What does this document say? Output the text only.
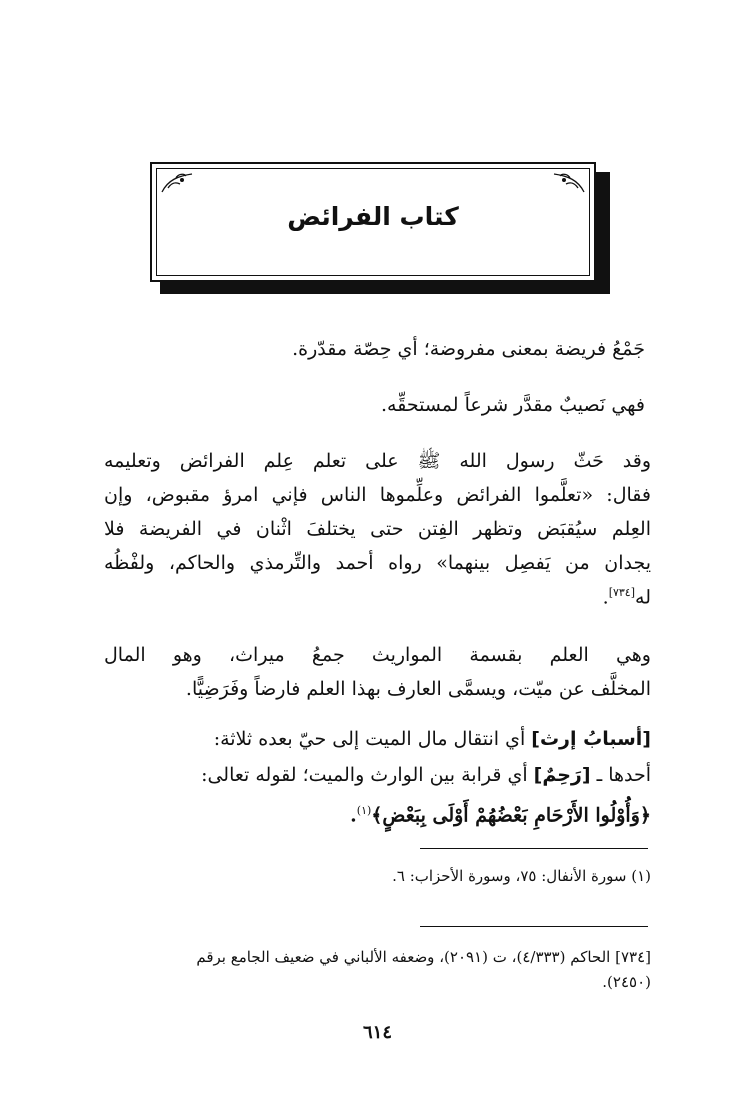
كتاب الفرائض
جَمْعُ فريضة بمعنى مفروضة؛ أي حِصّة مقدّرة.
فهي نَصيبٌ مقدَّر شرعاً لمستحقِّه.
وقد حَثّ رسول الله ﷺ على تعلم عِلم الفرائض وتعليمه
فقال: «تعلَّموا الفرائض وعلِّموها الناس فإني امرؤ مقبوض، وإن
العِلم سيُقبَض وتظهر الفِتن حتى يختلفَ اثْنان في الفريضة فلا
يجدان من يَفصِل بينهما» رواه أحمد والتِّرمذي والحاكم، ولفْظُه
له[٧٣٤].
وهي العلم بقسمة المواريث جمعُ ميراث، وهو المال
المخلَّف عن ميّت، ويسمَّى العارف بهذا العلم فارضاً وفَرَضِيًّا.
[أسبابُ إرث] أي انتقال مال الميت إلى حيّ بعده ثلاثة:
أحدها ـ [رَحِمٌ] أي قرابة بين الوارث والميت؛ لقوله تعالى:
﴿وَأُوْلُوا الأَرْحَامِ بَعْضُهُمْ أَوْلَى بِبَعْضٍ﴾$^{(١)}$.
(١) سورة الأنفال: ٧٥، وسورة الأحزاب: ٦.
[٧٣٤] الحاكم (٤/٣٣٣)، ت (٢٠٩١)، وضعفه الألباني في ضعيف الجامع برقم
(٢٤٥٠).
٦١٤
